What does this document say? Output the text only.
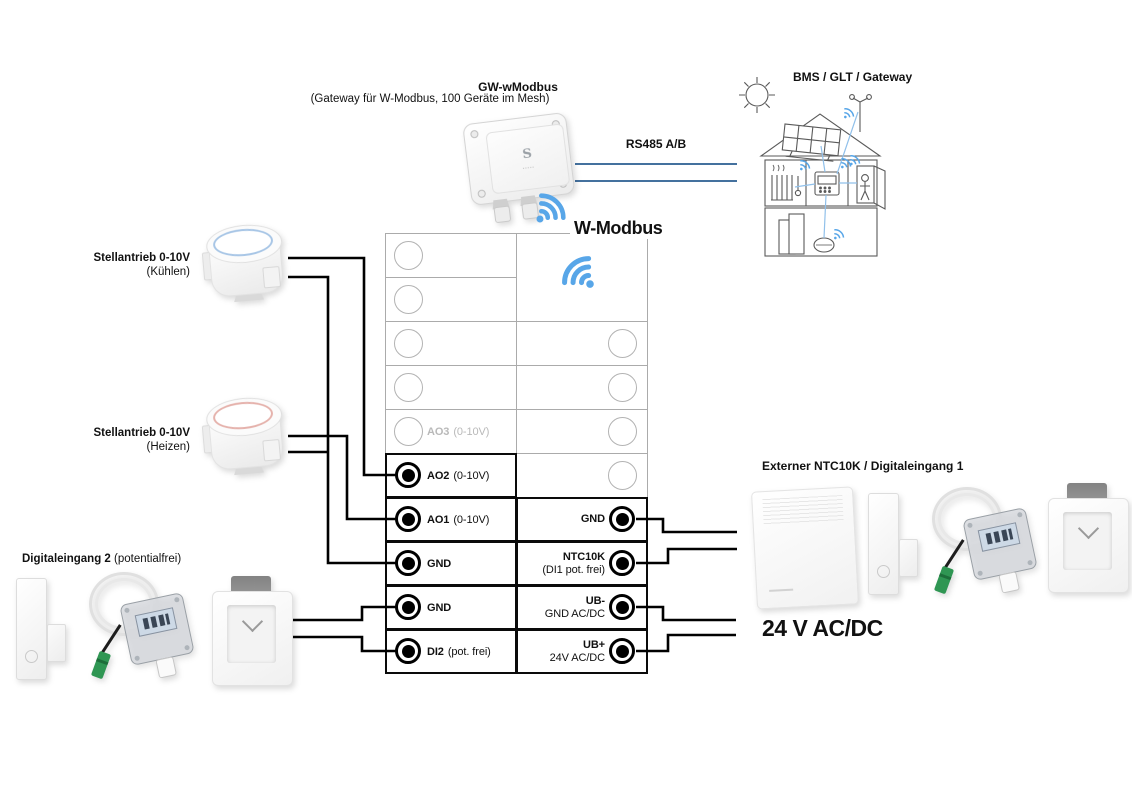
GW-wModbus
(Gateway für W-Modbus, 100 Geräte im Mesh)
RS485 A/B
BMS / GLT / Gateway
W-Modbus
S
▪▪▪▪▪
AO3 (0-10V)
AO2 (0-10V)
AO1 (0-10V)
GND
GND
DI2 (pot. frei)
GND
NTC10K
(DI1 pot. frei)
UB-
GND AC/DC
UB+
24V AC/DC
Stellantrieb 0-10V
(Kühlen)
Stellantrieb 0-10V
(Heizen)
Digitaleingang 2 (potentialfrei)
Externer NTC10K / Digitaleingang 1
24 V AC/DC
